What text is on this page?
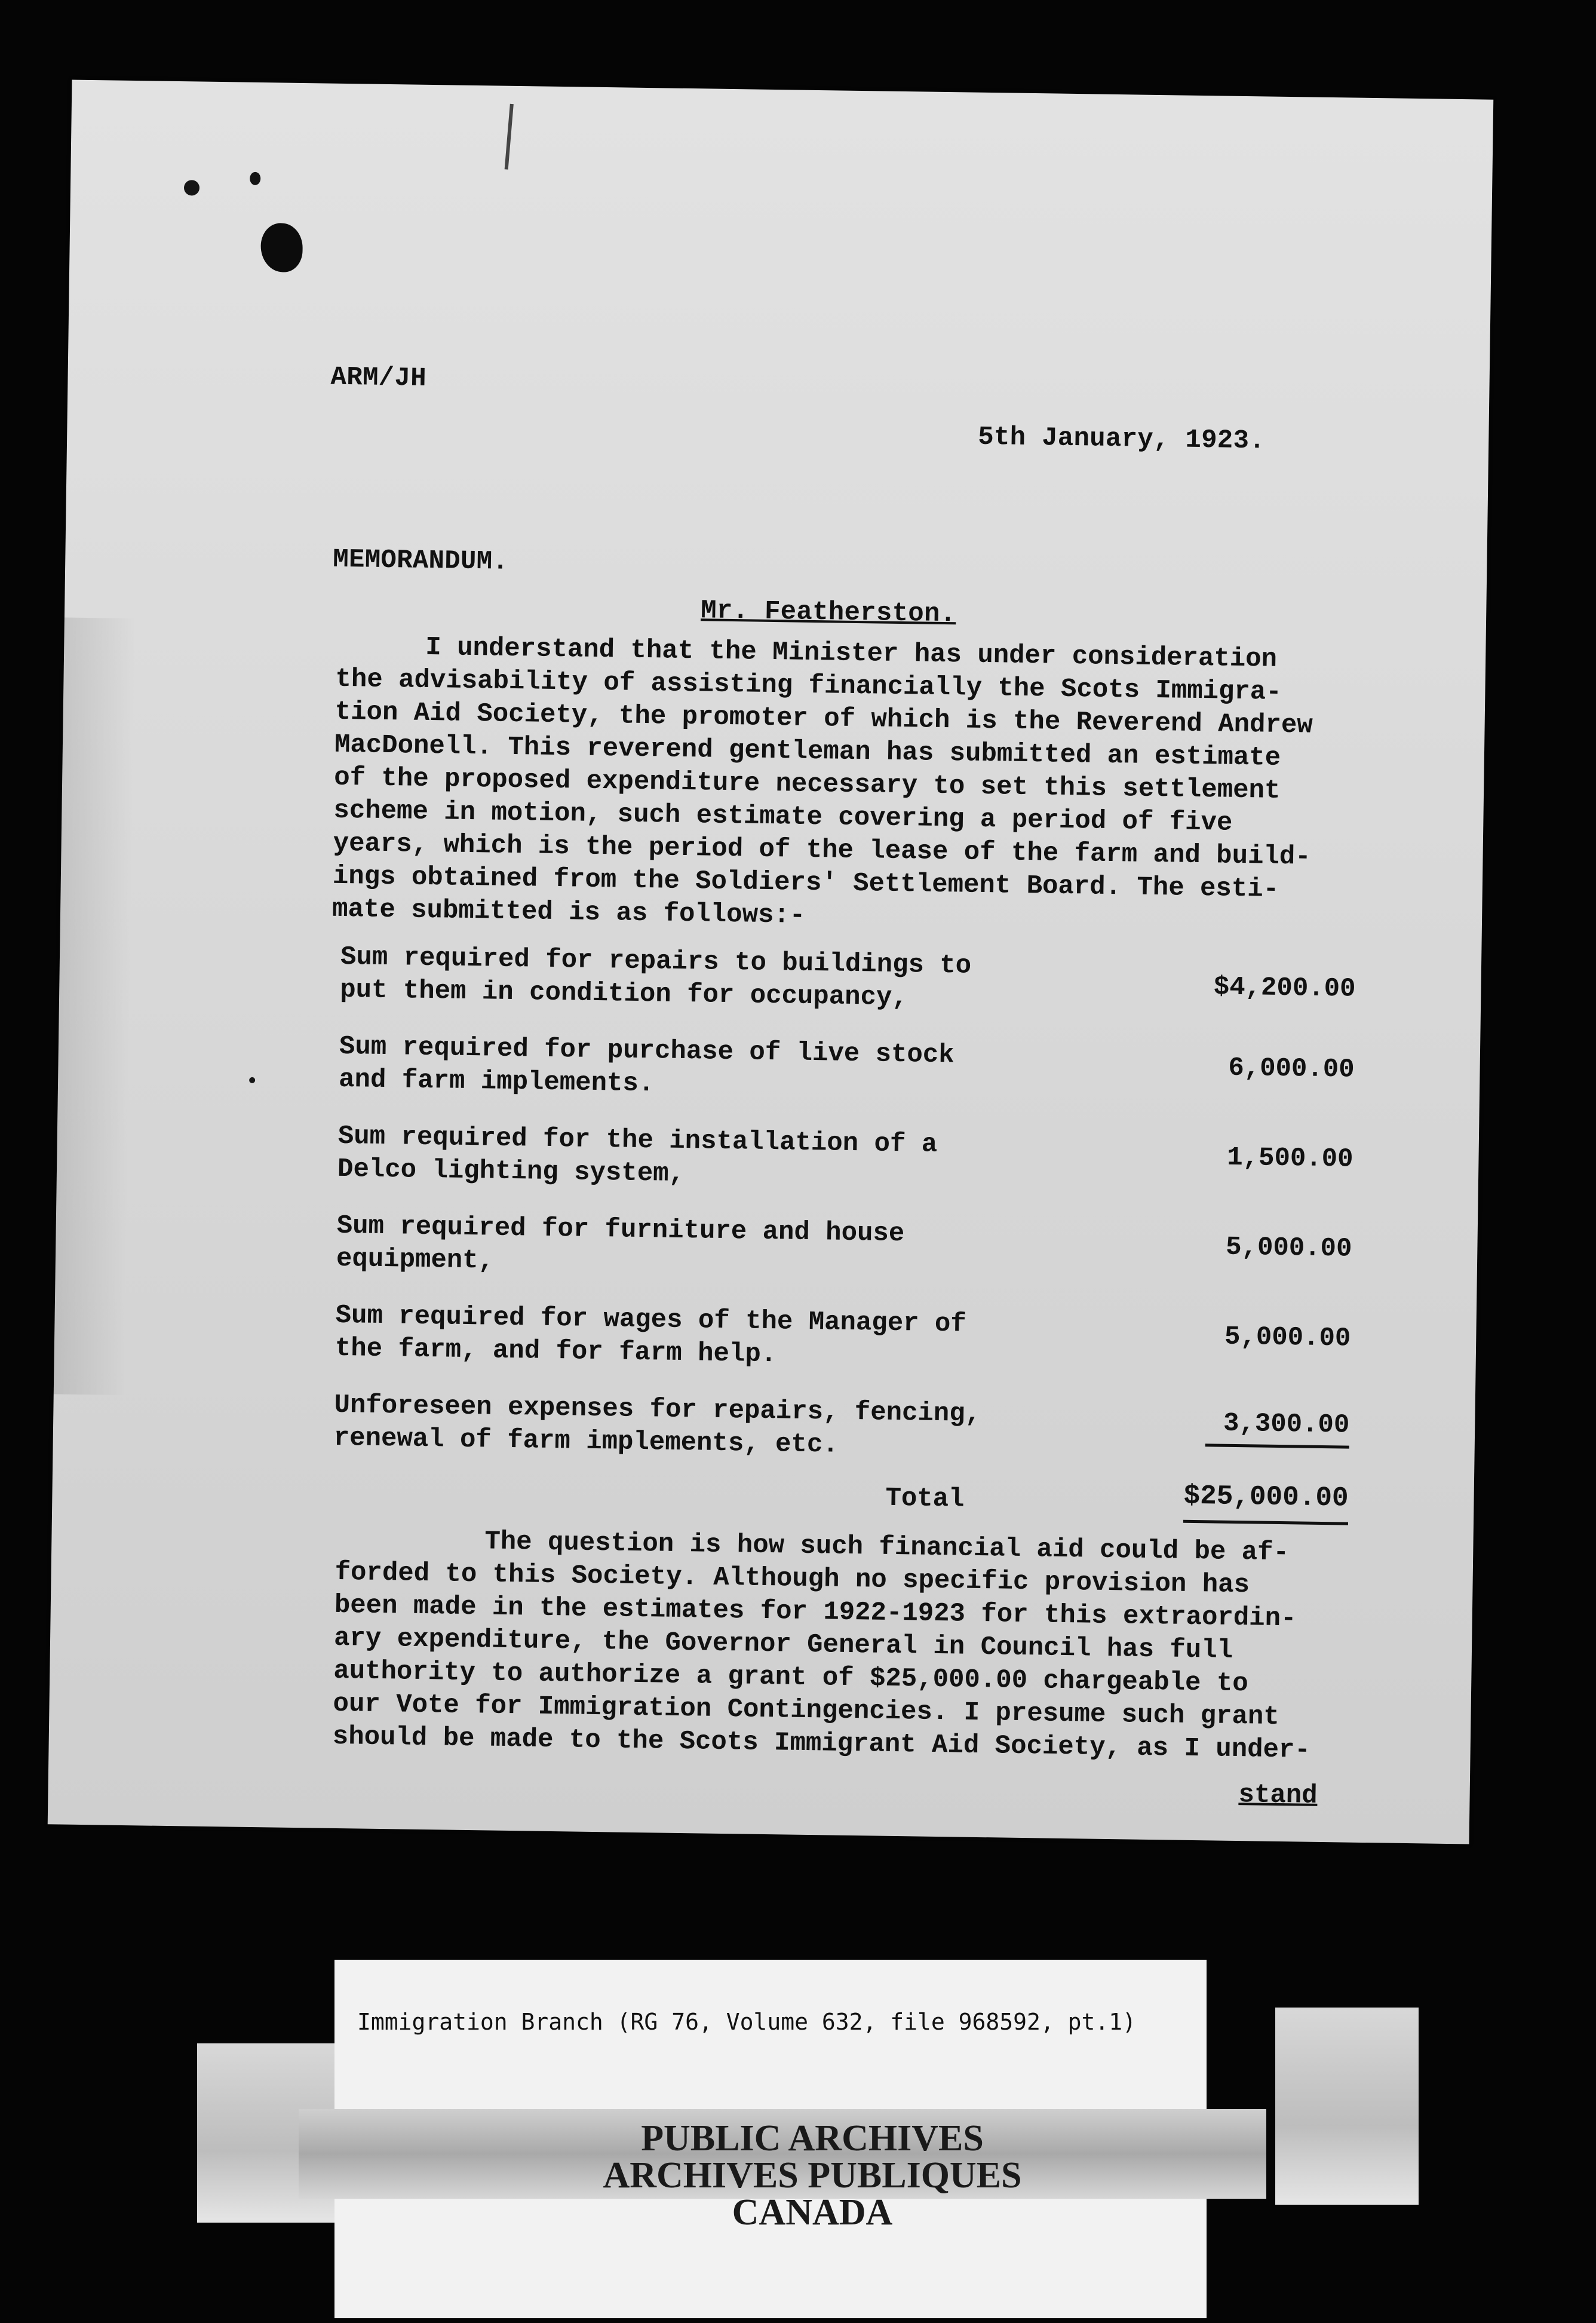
ARM/JH
5th January, 1923.
MEMORANDUM.
Mr. Featherston.
I understand that the Minister has under consideration
the advisability of assisting financially the Scots Immigra-
tion Aid Society, the promoter of which is the Reverend Andrew
MacDonell. This reverend gentleman has submitted an estimate
of the proposed expenditure necessary to set this settlement
scheme in motion, such estimate covering a period of five
years, which is the period of the lease of the farm and build-
ings obtained from the Soldiers' Settlement Board. The esti-
mate submitted is as follows:-
Sum required for repairs to buildings to
put them in condition for occupancy,	$4,200.00
Sum required for purchase of live stock
and farm implements.	6,000.00
Sum required for the installation of a
Delco lighting system,	1,500.00
Sum required for furniture and house
equipment,	5,000.00
Sum required for wages of the Manager of
the farm, and for farm help.	5,000.00
Unforeseen expenses for repairs, fencing,
renewal of farm implements, etc.	3,300.00
Total	$25,000.00
The question is how such financial aid could be af-
forded to this Society. Although no specific provision has
been made in the estimates for 1922-1923 for this extraordin-
ary expenditure, the Governor General in Council has full
authority to authorize a grant of $25,000.00 chargeable to
our Vote for Immigration Contingencies. I presume such grant
should be made to the Scots Immigrant Aid Society, as I under-
stand
Immigration Branch (RG 76, Volume 632, file 968592, pt.1)
PUBLIC ARCHIVES
ARCHIVES PUBLIQUES
CANADA
